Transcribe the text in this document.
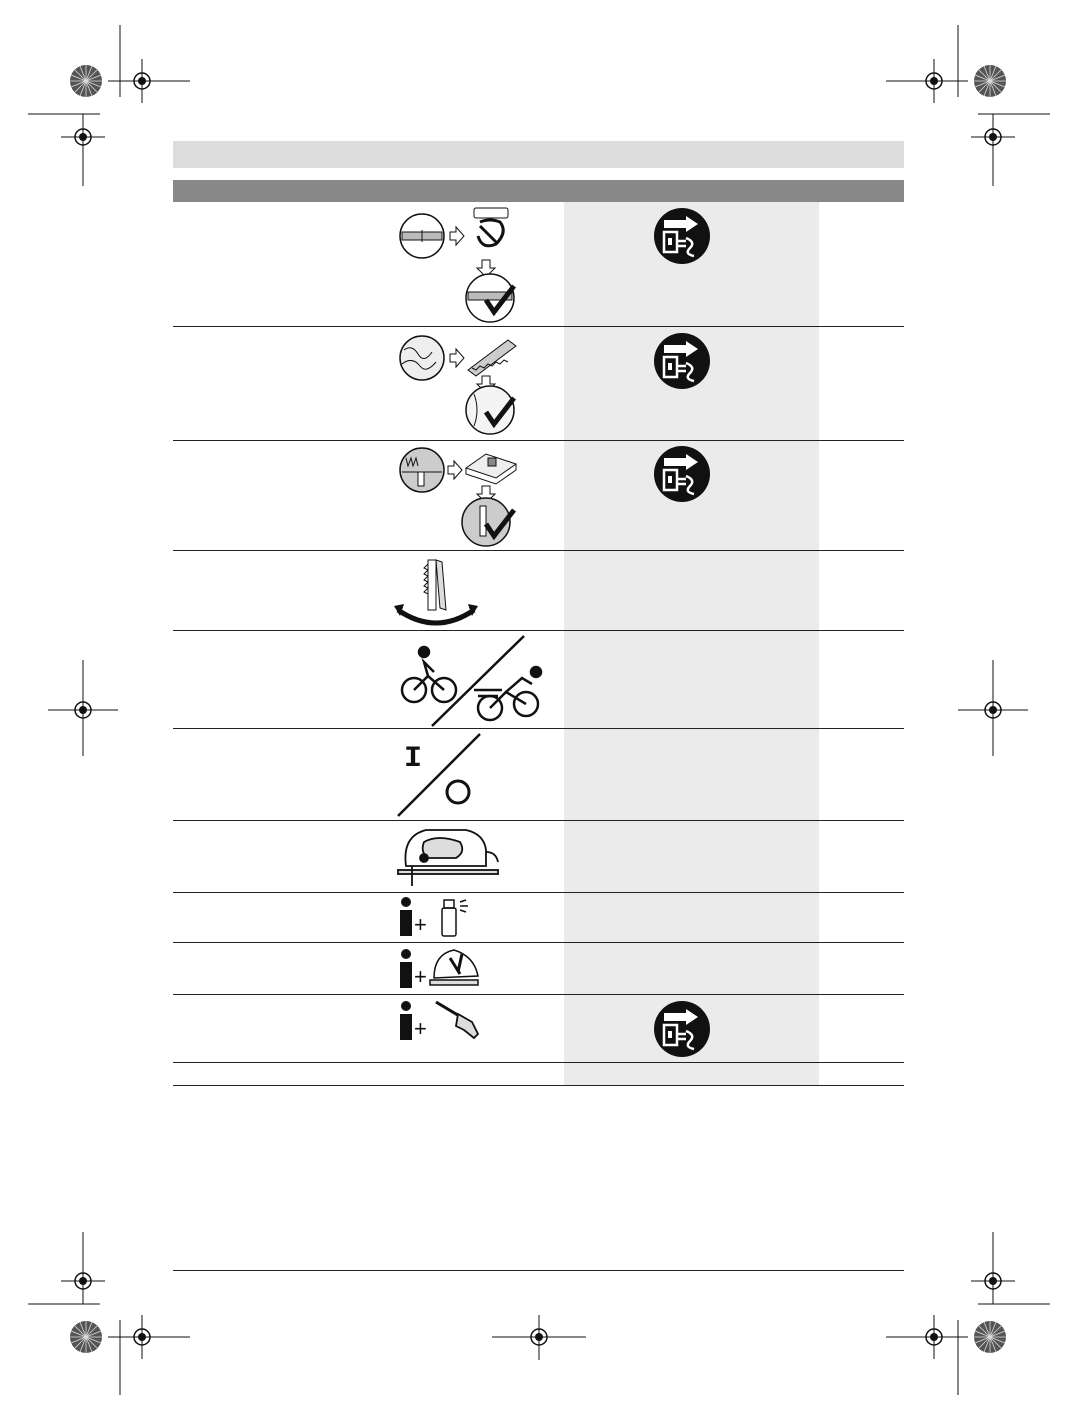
I
+
+
+
